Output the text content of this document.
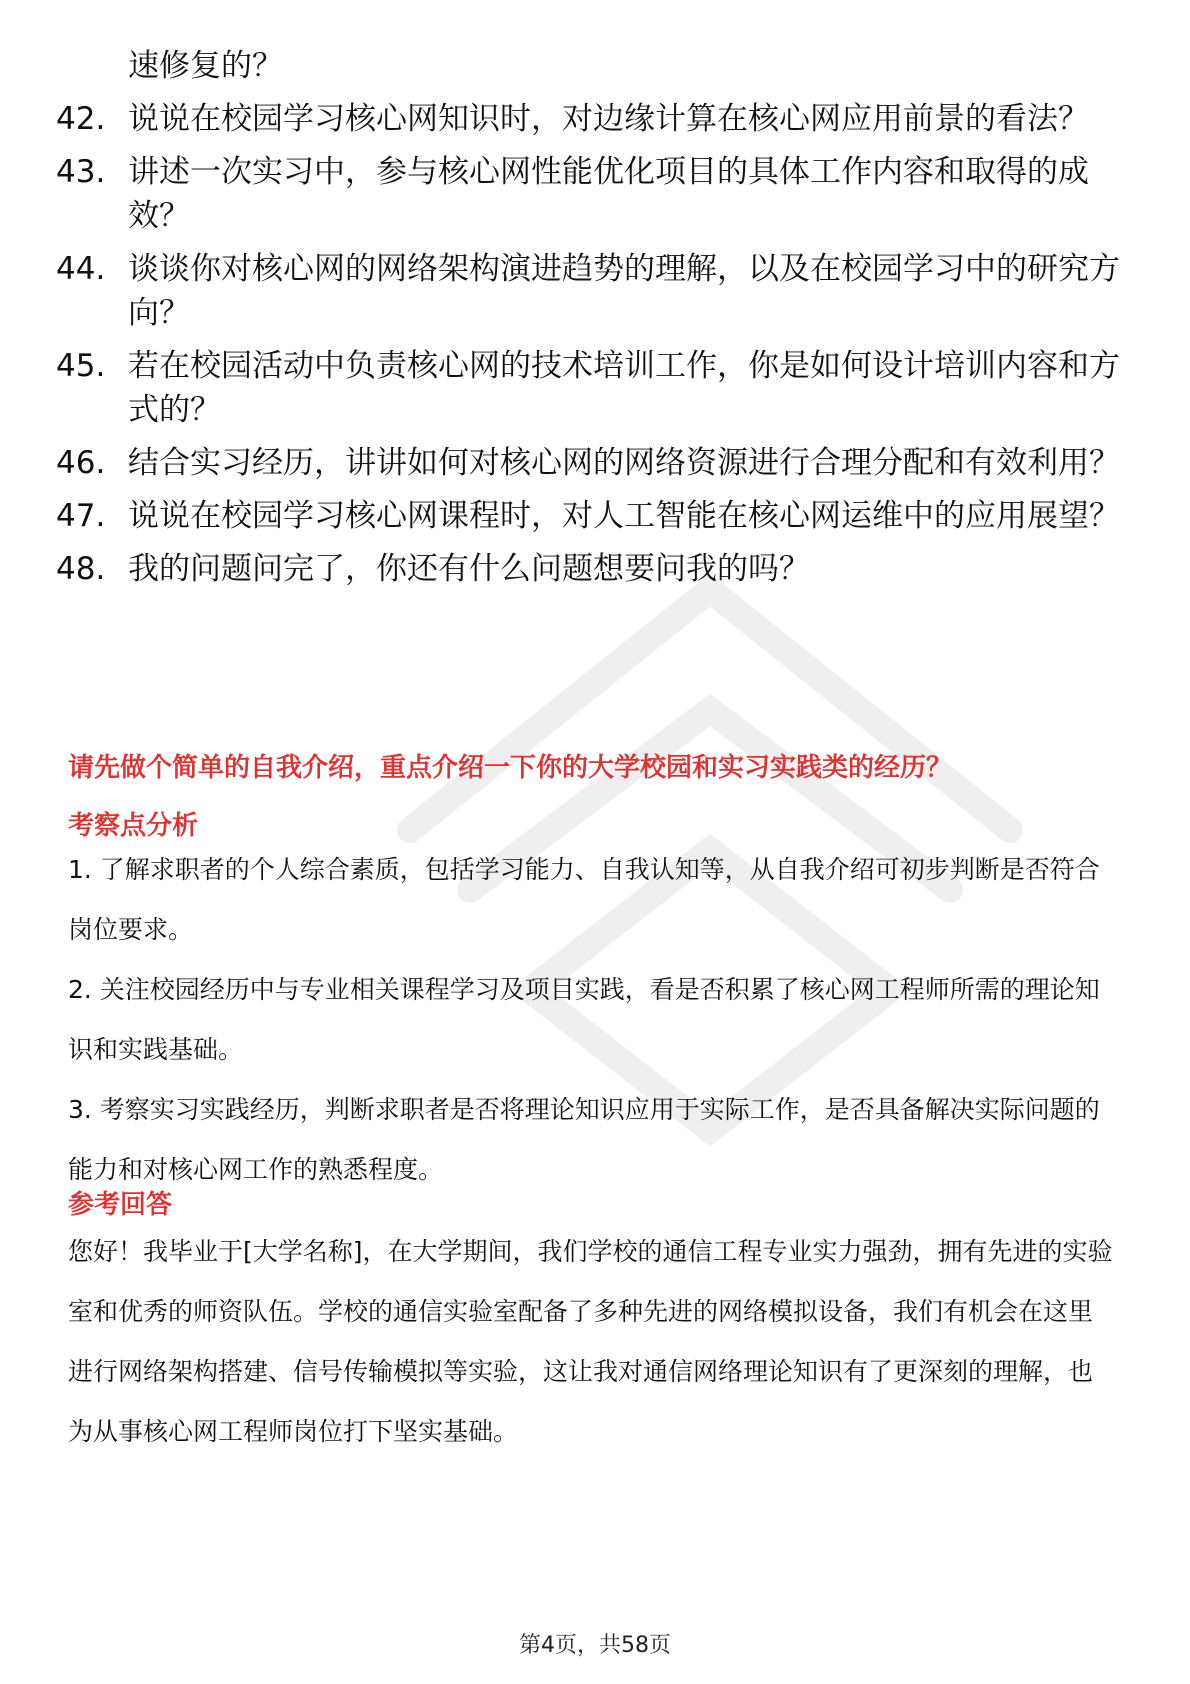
速修复的？
42. 说说在校园学习核心网知识时，对边缘计算在核心网应用前景的看法？
43. 讲述一次实习中，参与核心网性能优化项目的具体工作内容和取得的成效？
44. 谈谈你对核心网的网络架构演进趋势的理解，以及在校园学习中的研究方向？
45. 若在校园活动中负责核心网的技术培训工作，你是如何设计培训内容和方式的？
46. 结合实习经历，讲讲如何对核心网的网络资源进行合理分配和有效利用？
47. 说说在校园学习核心网课程时，对人工智能在核心网运维中的应用展望？
48. 我的问题问完了，你还有什么问题想要问我的吗？
请先做个简单的自我介绍，重点介绍一下你的大学校园和实习实践类的经历？
考察点分析

1. 了解求职者的个人综合素质，包括学习能力、自我认知等，从自我介绍可初步判断是否符合岗位要求。

2. 关注校园经历中与专业相关课程学习及项目实践，看是否积累了核心网工程师所需的理论知识和实践基础。

3. 考察实习实践经历，判断求职者是否将理论知识应用于实际工作，是否具备解决实际问题的能力和对核心网工作的熟悉程度。

参考回答

您好！我毕业于[大学名称]，在大学期间，我们学校的通信工程专业实力强劲，拥有先进的实验室和优秀的师资队伍。学校的通信实验室配备了多种先进的网络模拟设备，我们有机会在这里进行网络架构搭建、信号传输模拟等实验，这让我对通信网络理论知识有了更深刻的理解，也为从事核心网工程师岗位打下坚实基础。

第4页，共58页
